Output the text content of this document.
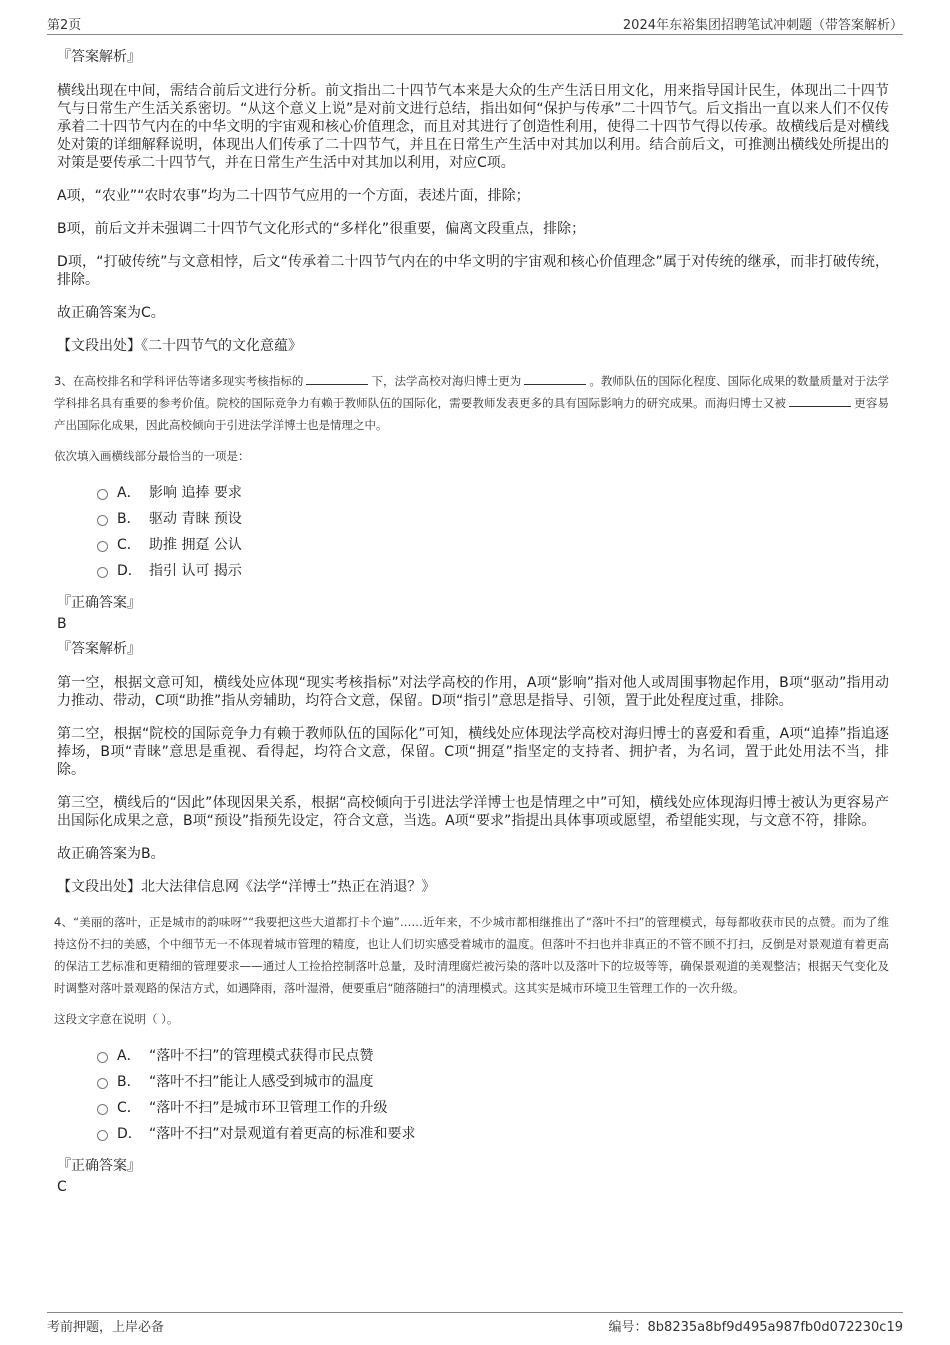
第2页	2024年东裕集团招聘笔试冲刺题（带答案解析）
『答案解析』

横线出现在中间，需结合前后文进行分析。前文指出二十四节气本来是大众的生产生活日用文化，用来指导国计民生，体现出二十四节气与日常生产生活关系密切。“从这个意义上说”是对前文进行总结，指出如何“保护与传承”二十四节气。后文指出一直以来人们不仅传承着二十四节气内在的中华文明的宇宙观和核心价值理念，而且对其进行了创造性利用，使得二十四节气得以传承。故横线后是对横线处对策的详细解释说明，体现出人们传承了二十四节气，并且在日常生产生活中对其加以利用。结合前后文，可推测出横线处所提出的对策是要传承二十四节气，并在日常生产生活中对其加以利用，对应C项。

A项，“农业”“农时农事”均为二十四节气应用的一个方面，表述片面，排除；

B项，前后文并未强调二十四节气文化形式的“多样化”很重要，偏离文段重点，排除；

D项，“打破传统”与文意相悖，后文“传承着二十四节气内在的中华文明的宇宙观和核心价值理念”属于对传统的继承，而非打破传统，排除。

故正确答案为C。

【文段出处】《二十四节气的文化意蕴》

3、在高校排名和学科评估等诸多现实考核指标的	下，法学高校对海归博士更为	。教师队伍的国际化程度、国际化成果的数量质量对于法学学科排名具有重要的参考价值。院校的国际竞争力有赖于教师队伍的国际化，需要教师发表更多的具有国际影响力的研究成果。而海归博士又被	更容易产出国际化成果，因此高校倾向于引进法学洋博士也是情理之中。

依次填入画横线部分最恰当的一项是：

A． 影响 追捧 要求
B． 驱动 青睐 预设
C． 助推 拥趸 公认
D． 指引 认可 揭示
『正确答案』
B
『答案解析』

第一空，根据文意可知，横线处应体现“现实考核指标”对法学高校的作用，A项“影响”指对他人或周围事物起作用，B项“驱动”指用动力推动、带动，C项“助推”指从旁辅助，均符合文意，保留。D项“指引”意思是指导、引领，置于此处程度过重，排除。

第二空，根据“院校的国际竞争力有赖于教师队伍的国际化”可知，横线处应体现法学高校对海归博士的喜爱和看重，A项“追捧”指追逐捧场，B项“青睐”意思是重视、看得起，均符合文意，保留。C项“拥趸”指坚定的支持者、拥护者，为名词，置于此处用法不当，排除。

第三空，横线后的“因此”体现因果关系，根据“高校倾向于引进法学洋博士也是情理之中”可知，横线处应体现海归博士被认为更容易产出国际化成果之意，B项“预设”指预先设定，符合文意，当选。A项“要求”指提出具体事项或愿望，希望能实现，与文意不符，排除。

故正确答案为B。

【文段出处】北大法律信息网《法学“洋博士”热正在消退？》

4、“美丽的落叶，正是城市的韵味呀”“我要把这些大道都打卡个遍”……近年来，不少城市都相继推出了“落叶不扫”的管理模式，每每都收获市民的点赞。而为了维持这份不扫的美感，个中细节无一不体现着城市管理的精度，也让人们切实感受着城市的温度。但落叶不扫也并非真正的不管不顾不打扫，反倒是对景观道有着更高的保洁工艺标准和更精细的管理要求——通过人工捡拾控制落叶总量，及时清理腐烂被污染的落叶以及落叶下的垃圾等等，确保景观道的美观整洁；根据天气变化及时调整对落叶景观路的保洁方式，如遇降雨，落叶湿滑，便要重启“随落随扫”的清理模式。这其实是城市环境卫生管理工作的一次升级。

这段文字意在说明（ ）。

A． “落叶不扫”的管理模式获得市民点赞
B． “落叶不扫”能让人感受到城市的温度
C． “落叶不扫”是城市环卫管理工作的升级
D． “落叶不扫”对景观道有着更高的标准和要求
『正确答案』
C
考前押题，上岸必备	编号：8b8235a8bf9d495a987fb0d072230c19
